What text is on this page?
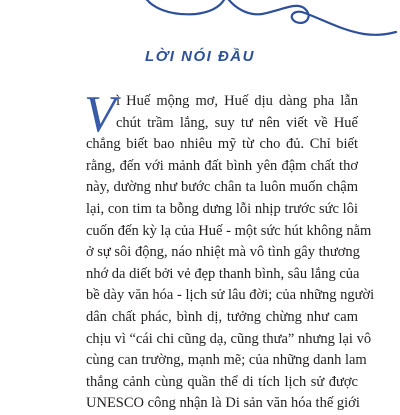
LỜI NÓI ĐẦU
V ì Huế mộng mơ, Huế dịu dàng pha lẫn
chút trầm lắng, suy tư nên viết về Huế
chẳng biết bao nhiêu mỹ từ cho đủ. Chỉ biết
rằng, đến với mảnh đất bình yên đậm chất thơ
này, dường như bước chân ta luôn muốn chậm
lại, con tim ta bỗng dưng lỗi nhịp trước sức lôi
cuốn đến kỳ lạ của Huế - một sức hút không nằm
ở sự sôi động, náo nhiệt mà vô tình gây thương
nhớ da diết bởi vẻ đẹp thanh bình, sâu lắng của
bề dày văn hóa - lịch sử lâu đời; của những người
dân chất phác, bình dị, tưởng chừng như cam
chịu vì “cái chi cũng dạ, cũng thưa” nhưng lại vô
cùng can trường, mạnh mẽ; của những danh lam
thắng cảnh cùng quần thể di tích lịch sử được
UNESCO công nhận là Di sản văn hóa thế giới
